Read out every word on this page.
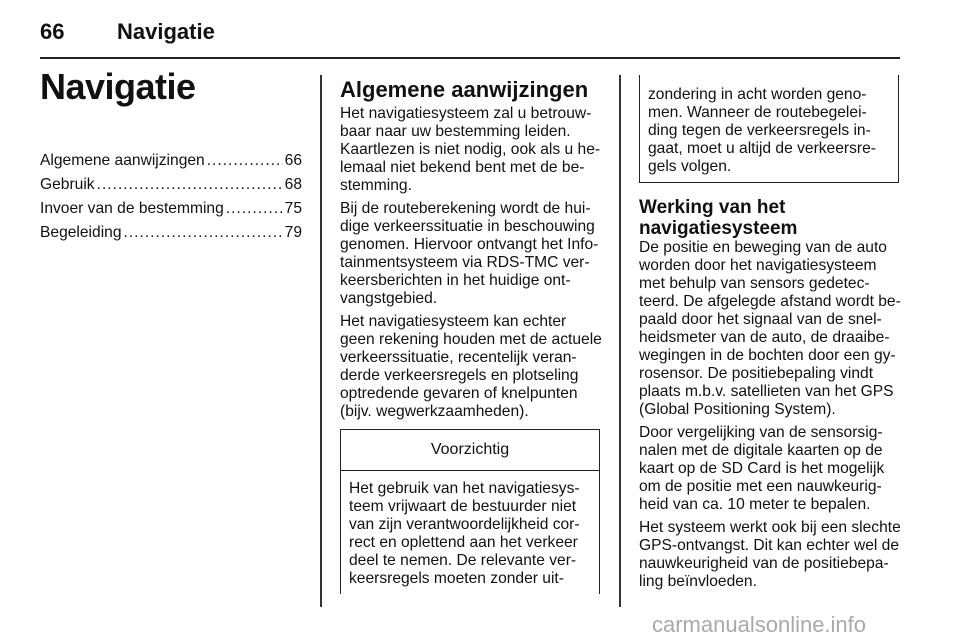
66 Navigatie
Navigatie
Algemene aanwijzingen .....	66
Gebruik .....	68
Invoer van de bestemming .....	75
Begeleiding .....	79
Algemene aanwijzingen

Het navigatiesysteem zal u betrouw-
baar naar uw bestemming leiden.
Kaartlezen is niet nodig, ook als u he-
lemaal niet bekend bent met de be-
stemming.

Bij de routeberekening wordt de hui-
dige verkeerssituatie in beschouwing
genomen. Hiervoor ontvangt het Info-
tainmentsysteem via RDS-TMC ver-
keersberichten in het huidige ont-
vangstgebied.

Het navigatiesysteem kan echter
geen rekening houden met de actuele
verkeerssituatie, recentelijk veran-
derde verkeersregels en plotseling
optredende gevaren of knelpunten
(bijv. wegwerkzaamheden).

Voorzichtig
Het gebruik van het navigatiesys-
teem vrijwaart de bestuurder niet
van zijn verantwoordelijkheid cor-
rect en oplettend aan het verkeer
deel te nemen. De relevante ver-
keersregels moeten zonder uit-
zondering in acht worden geno-
men. Wanneer de routebegelei-
ding tegen de verkeersregels in-
gaat, moet u altijd de verkeersre-
gels volgen.
Werking van het
navigatiesysteem

De positie en beweging van de auto
worden door het navigatiesysteem
met behulp van sensors gedetec-
teerd. De afgelegde afstand wordt be-
paald door het signaal van de snel-
heidsmeter van de auto, de draaibe-
wegingen in de bochten door een gy-
rosensor. De positiebepaling vindt
plaats m.b.v. satellieten van het GPS
(Global Positioning System).

Door vergelijking van de sensorsig-
nalen met de digitale kaarten op de
kaart op de SD Card is het mogelijk
om de positie met een nauwkeurig-
heid van ca. 10 meter te bepalen.

Het systeem werkt ook bij een slechte
GPS-ontvangst. Dit kan echter wel de
nauwkeurigheid van de positiebepa-
ling beïnvloeden.

carmanualsonline.info
